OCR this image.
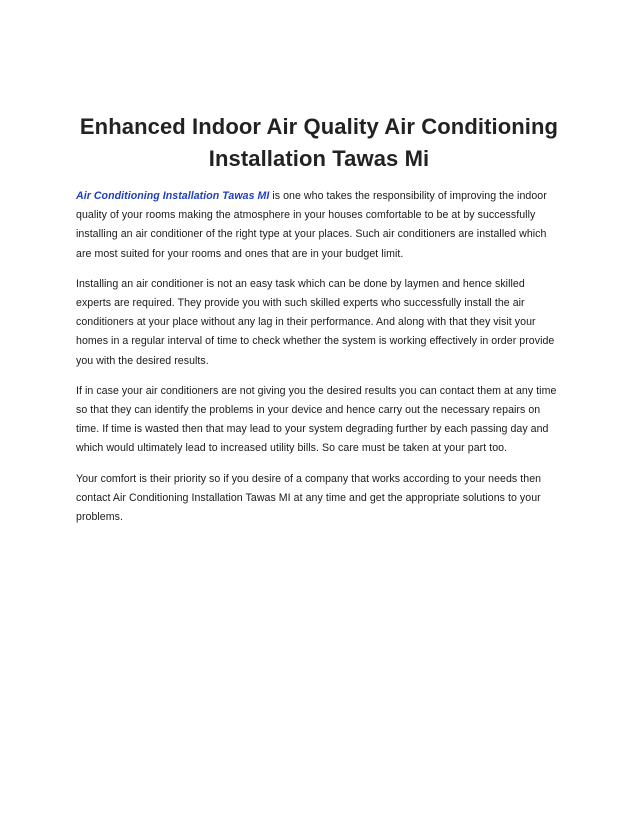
Enhanced Indoor Air Quality Air Conditioning
Installation Tawas Mi

Air Conditioning Installation Tawas MI is one who takes the responsibility of improving the indoor quality of your rooms making the atmosphere in your houses comfortable to be at by successfully installing an air conditioner of the right type at your places. Such air conditioners are installed which are most suited for your rooms and ones that are in your budget limit.

Installing an air conditioner is not an easy task which can be done by laymen and hence skilled experts are required. They provide you with such skilled experts who successfully install the air conditioners at your place without any lag in their performance. And along with that they visit your homes in a regular interval of time to check whether the system is working effectively in order provide you with the desired results.

If in case your air conditioners are not giving you the desired results you can contact them at any time so that they can identify the problems in your device and hence carry out the necessary repairs on time. If time is wasted then that may lead to your system degrading further by each passing day and which would ultimately lead to increased utility bills. So care must be taken at your part too.

Your comfort is their priority so if you desire of a company that works according to your needs then contact Air Conditioning Installation Tawas MI at any time and get the appropriate solutions to your problems.
